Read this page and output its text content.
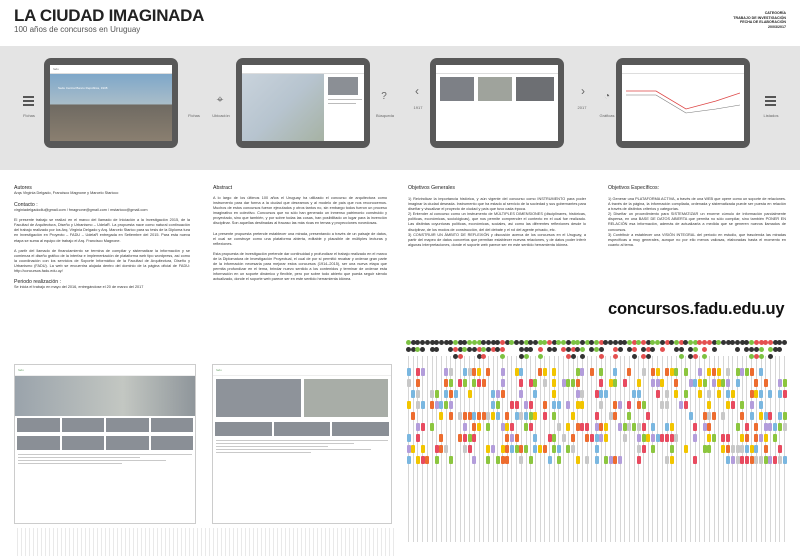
LA CIUDAD IMAGINADA
100 años de concursos en Uruguay
CATEGORÍA
TRABAJO DE INVESTIGACIÓN
FECHA DE ELABORACIÓN
20/03/2017
Fichas
fadu
Sede Central Banco República, 1938
Fichas
⌖
Ubicación
?
Búsqueda
‹
1917
›
2017
◔
Gráficas	Listados
Autores
Arqs Virginia Delgado, Francisco Magnone y Marcelo Staricco
Contacto :
virginiadelgadodlu@gmail.com / fmagnone@gmail.com / mstaricco@gmail.com
El presente trabajo se realizó en el marco del llamado de Iniciación a la Investigación 2015, de la Facultad de Arquitectura, Diseño y Urbanismo – UdelaR. La propuesta nace como natural continuación del trabajo realizado por los Arq. Virginia Delgado y Arq. Marcelo Starico para su tesis de la Diploma tura en Investigación en Proyecto – FADU – UdelaR entregada en Setiembre del 2015. Para esta nueva etapa se suma al equipo de trabajo el Arq. Francisco Magnone.
A partir del llamado de financiamiento se termina de compilar y sistematizar la información y se comienza el diseño gráfico de la interfaz e implementación de plataforma web tipo wordpress, así como la coordinación con los servicios de Soporte Informático de la Facultad de Arquitectura, Diseño y Urbanismo (FADU). La web se encuentra alojada dentro del dominio de la página oficial de FADU: http://concursos.fadu.edu.uy/
Periodo realización :
Se inicia el trabajo en mayo del 2016, entregándose el 20 de marzo del 2017
Abstract
A lo largo de los últimos 100 años el Uruguay ha utilizado el concurso de arquitectura como instrumento para dar forma a la ciudad que deseamos y al modelo de país que nos reconocemos. Muchos de estos concursos fueron ejecutados y otros tantos no, sin embargo todos fueron un proceso imaginativo en colectivo. Concursos que no sólo han generado un inmenso patrimonio construido y proyectado, sino que también, y por sobre todas las cosas, han posibilitado un lugar para la invención disciplinar. Son aquellas destinadas al fracaso las más ricas en temas y proyecciones novedosas.
La presente propuesta pretende establecer una mirada, presentando a través de un paisaje de datos, el cual se construye como una plataforma abierta, editable y plausible de múltiples lecturas y reflexiones.
Esta propuesta de investigación pretende dar continuidad y profundizar el trabajo realizado en el marco de la Diplomatura de Investigación Proyectual, el cual de por sí permitió recabar y ordenar gran parte de la información necesaria para mejorar estos concursos (1914–2015), ser una nueva etapa que permita profundizar en el tema, brindar nuevo sentido a los contenidos y terminar de ordenar esta información en un soporte dinámico y flexible, pero por sobre todo abierto que pueda seguir siendo actualizado, donde el soporte web parece ser en este sentido herramienta idónea.
Objetivos Generales
1) Reivindicar la importancia histórica, y aún vigente del concurso como INSTRUMENTO para poder imaginar la ciudad deseada. Instrumento que ha estado al servicio de la sociedad y sus gobernantes para diseñar y visualizar el proyecto de ciudad y país que tuvo cada época.
2) Entender al concurso como un instrumento de MÚLTIPLES DIMENSIONES (disciplinares, históricas, políticas, económicas, sociológicas), que nos permite comprender el contexto en el cual fue realizado. Las distintas coyunturas políticas, económicas, sociales, así como las diferentes reflexiones desde lo disciplinar, de los modos de construcción, del del debate y el rol del agente privado, etc.
3) CONSTRUIR UN ÁMBITO DE REFLEXIÓN y discusión acerca de los concursos en el Uruguay, a partir del mapeo de datos concretos que permitan establecer nuevas relaciones, y de datos poder inferir algunas interpretaciones, donde el soporte web parece ser en este sentido herramienta idónea.
Objetivos Específicos:
1) Generar una PLATAFORMA ACTIVA, a través de una WEB que opere como un soporte de relaciones. A través de la página, la información compilada, ordenada y sistematizada puede ser puesta en relación a través de distintos criterios y categorías.
2) Diseñar un procedimiento para SISTEMATIZAR un enorme cúmulo de información parcialmente dispersa, en una BASE DE DATOS ABIERTA que permita no sólo compilar, sino también PONER EN RELACIÓN esa información, además de actualizarla a medida que se generen nuevos llamados de concursos.
3) Contribuir a establecer una VISIÓN INTEGRAL del período en estudio, que trascienda las miradas específicas a muy generales, aunque no por ello menos valiosas, elaboradas hasta el momento en cuanto al tema.
concursos.fadu.edu.uy
fadu	fadu
